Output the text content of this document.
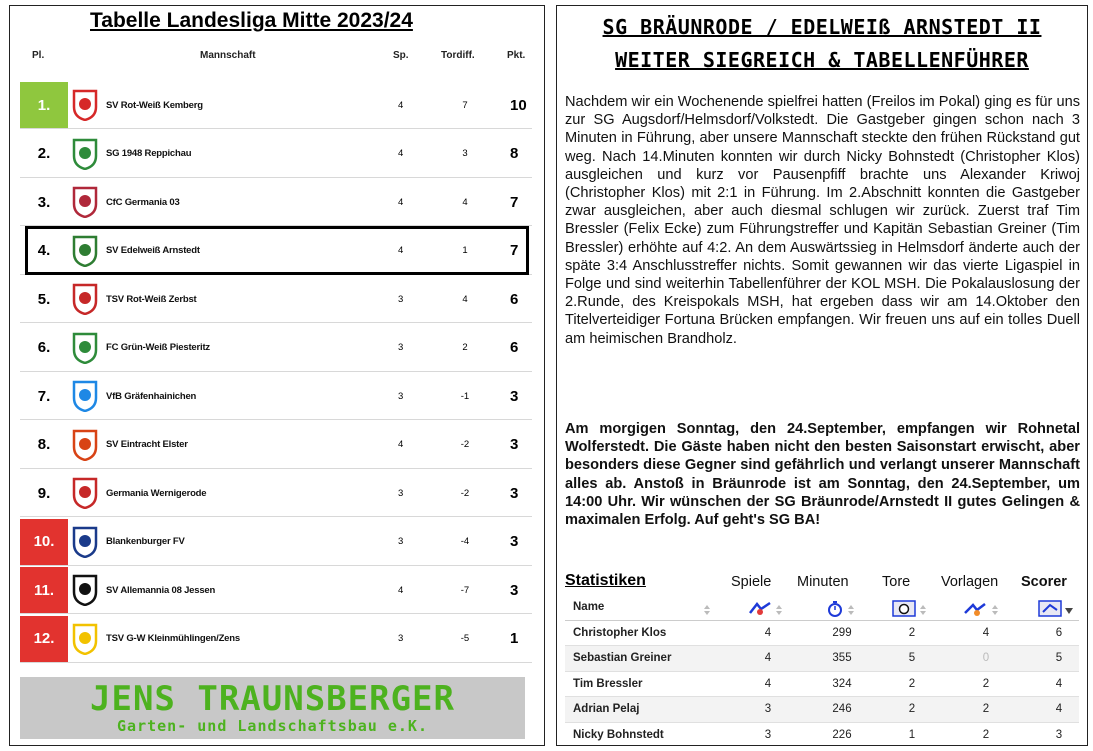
Tabelle Landesliga Mitte 2023/24
Pl.	Mannschaft	Sp.	Tordiff.	Pkt.
1.	SV Rot-Weiß Kemberg	4	7	10
2.	SG 1948 Reppichau	4	3	8
3.	CfC Germania 03	4	4	7
4.	SV Edelweiß Arnstedt	4	1	7
5.	TSV Rot-Weiß Zerbst	3	4	6
6.	FC Grün-Weiß Piesteritz	3	2	6
7.	VfB Gräfenhainichen	3	-1	3
8.	SV Eintracht Elster	4	-2	3
9.	Germania Wernigerode	3	-2	3
10.	Blankenburger FV	3	-4	3
11.	SV Allemannia 08 Jessen	4	-7	3
12.	TSV G-W Kleinmühlingen/Zens	3	-5	1
JENS TRAUNSBERGER
Garten- und Landschaftsbau e.K.
SG BRÄUNRODE / EDELWEIß ARNSTEDT II
WEITER SIEGREICH & TABELLENFÜHRER
Nachdem wir ein Wochenende spielfrei hatten (Freilos im Pokal) ging es für uns zur SG Augsdorf/Helmsdorf/Volkstedt. Die Gastgeber gingen schon nach 3 Minuten in Führung, aber unsere Mannschaft steckte den frühen Rückstand gut weg. Nach 14.Minuten konnten wir durch Nicky Bohnstedt (Christopher Klos) ausgleichen und kurz vor Pausenpfiff brachte uns Alexander Kriwoj (Christopher Klos) mit 2:1 in Führung. Im 2.Abschnitt konnten die Gastgeber zwar ausgleichen, aber auch diesmal schlugen wir zurück. Zuerst traf Tim Bressler (Felix Ecke) zum Führungstreffer und Kapitän Sebastian Greiner (Tim Bressler) erhöhte auf 4:2. An dem Auswärtssieg in Helmsdorf änderte auch der späte 3:4 Anschlusstreffer nichts. Somit gewannen wir das vierte Ligaspiel in Folge und sind weiterhin Tabellenführer der KOL MSH. Die Pokalauslosung der 2.Runde, des Kreispokals MSH, hat ergeben dass wir am 14.Oktober den Titelverteidiger Fortuna Brücken empfangen. Wir freuen uns auf ein tolles Duell am heimischen Brandholz.
Am morgigen Sonntag, den 24.September, empfangen wir Rohnetal Wolferstedt. Die Gäste haben nicht den besten Saisonstart erwischt, aber besonders diese Gegner sind gefährlich und verlangt unserer Mannschaft alles ab. Anstoß in Bräunrode ist am Sonntag, den 24.September, um 14:00 Uhr. Wir wünschen der SG Bräunrode/Arnstedt II gutes Gelingen & maximalen Erfolg. Auf geht's SG BA!
Statistiken	Spiele Minuten Tore Vorlagen Scorer
Name
Christopher Klos	4	299	2	4	6
Sebastian Greiner	4	355	5	0	5
Tim Bressler	4	324	2	2	4
Adrian Pelaj	3	246	2	2	4
Nicky Bohnstedt	3	226	1	2	3
